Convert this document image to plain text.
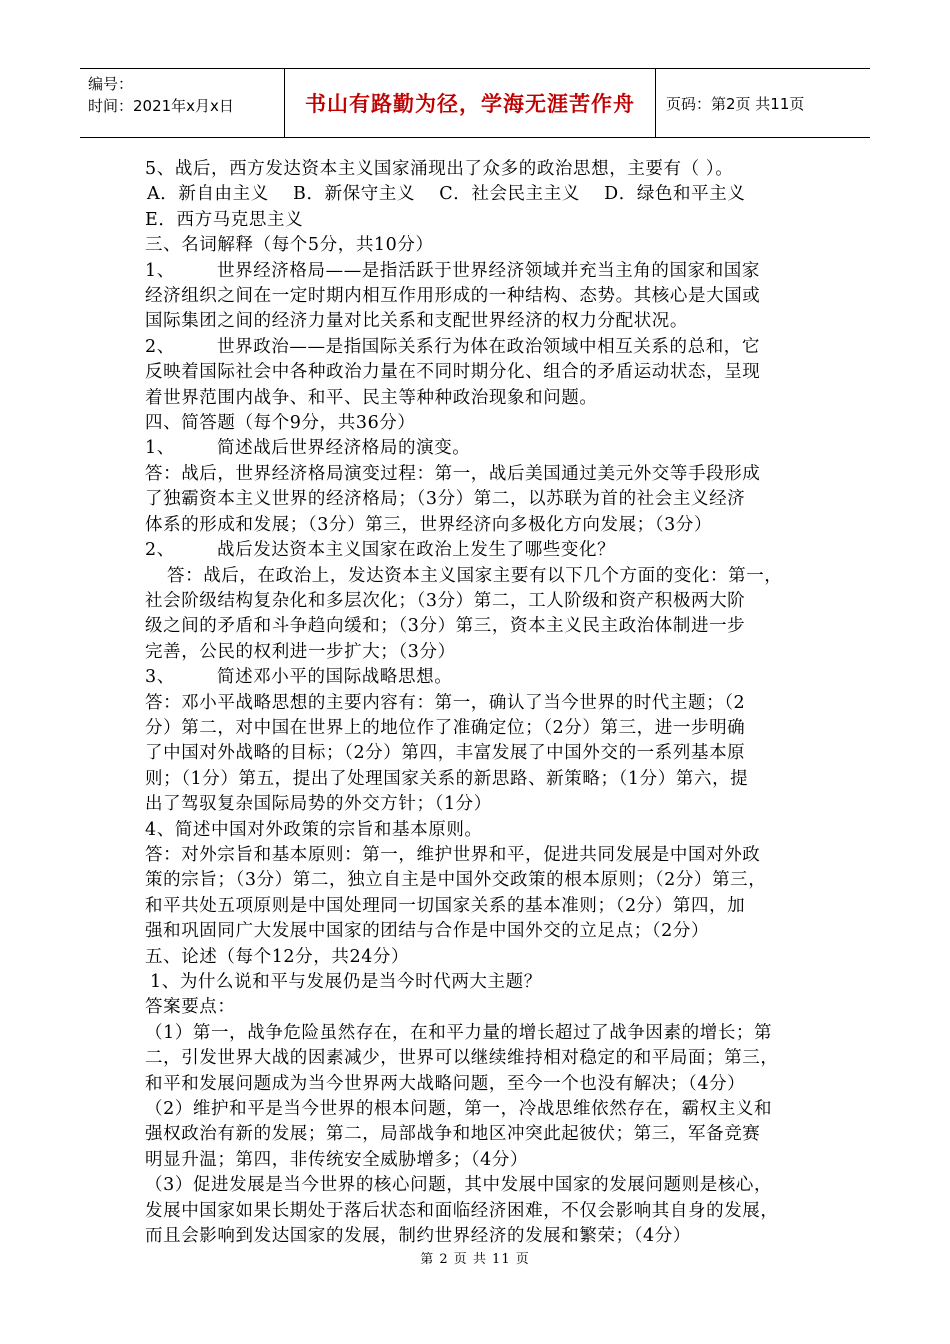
编号：
时间：2021年x月x日	书山有路勤为径，学海无涯苦作舟	页码：第2页 共11页

5、战后，西方发达资本主义国家涌现出了众多的政治思想，主要有（ ）。

A．新自由主义 B．新保守主义 C．社会民主主义 D．绿色和平主义

E．西方马克思主义

三、名词解释（每个5分，共10分）

1、 世界经济格局——是指活跃于世界经济领域并充当主角的国家和国家

经济组织之间在一定时期内相互作用形成的一种结构、态势。其核心是大国或

国际集团之间的经济力量对比关系和支配世界经济的权力分配状况。

2、 世界政治——是指国际关系行为体在政治领域中相互关系的总和，它

反映着国际社会中各种政治力量在不同时期分化、组合的矛盾运动状态，呈现

着世界范围内战争、和平、民主等种种政治现象和问题。

四、简答题（每个9分，共36分）

1、 简述战后世界经济格局的演变。

答：战后，世界经济格局演变过程：第一，战后美国通过美元外交等手段形成

了独霸资本主义世界的经济格局；（3分）第二，以苏联为首的社会主义经济

体系的形成和发展；（3分）第三，世界经济向多极化方向发展；（3分）

2、 战后发达资本主义国家在政治上发生了哪些变化？

答：战后，在政治上，发达资本主义国家主要有以下几个方面的变化：第一，

社会阶级结构复杂化和多层次化；（3分）第二，工人阶级和资产积极两大阶

级之间的矛盾和斗争趋向缓和；（3分）第三，资本主义民主政治体制进一步

完善，公民的权利进一步扩大；（3分）

3、 简述邓小平的国际战略思想。

答：邓小平战略思想的主要内容有：第一，确认了当今世界的时代主题；（2

分）第二，对中国在世界上的地位作了准确定位；（2分）第三，进一步明确

了中国对外战略的目标；（2分）第四，丰富发展了中国外交的一系列基本原

则；（1分）第五，提出了处理国家关系的新思路、新策略；（1分）第六，提

出了驾驭复杂国际局势的外交方针；（1分）

4、简述中国对外政策的宗旨和基本原则。

答：对外宗旨和基本原则：第一，维护世界和平，促进共同发展是中国对外政

策的宗旨；（3分）第二，独立自主是中国外交政策的根本原则；（2分）第三，

和平共处五项原则是中国处理同一切国家关系的基本准则；（2分）第四，加

强和巩固同广大发展中国家的团结与合作是中国外交的立足点；（2分）

五、论述（每个12分，共24分）

1、为什么说和平与发展仍是当今时代两大主题？

答案要点：

（1）第一，战争危险虽然存在，在和平力量的增长超过了战争因素的增长；第

二，引发世界大战的因素减少，世界可以继续维持相对稳定的和平局面；第三，

和平和发展问题成为当今世界两大战略问题，至今一个也没有解决；（4分）

（2）维护和平是当今世界的根本问题，第一，冷战思维依然存在，霸权主义和

强权政治有新的发展；第二，局部战争和地区冲突此起彼伏；第三，军备竞赛

明显升温；第四，非传统安全威胁增多；（4分）

（3）促进发展是当今世界的核心问题，其中发展中国家的发展问题则是核心，

发展中国家如果长期处于落后状态和面临经济困难，不仅会影响其自身的发展，

而且会影响到发达国家的发展，制约世界经济的发展和繁荣；（4分）

第 2 页 共 11 页
